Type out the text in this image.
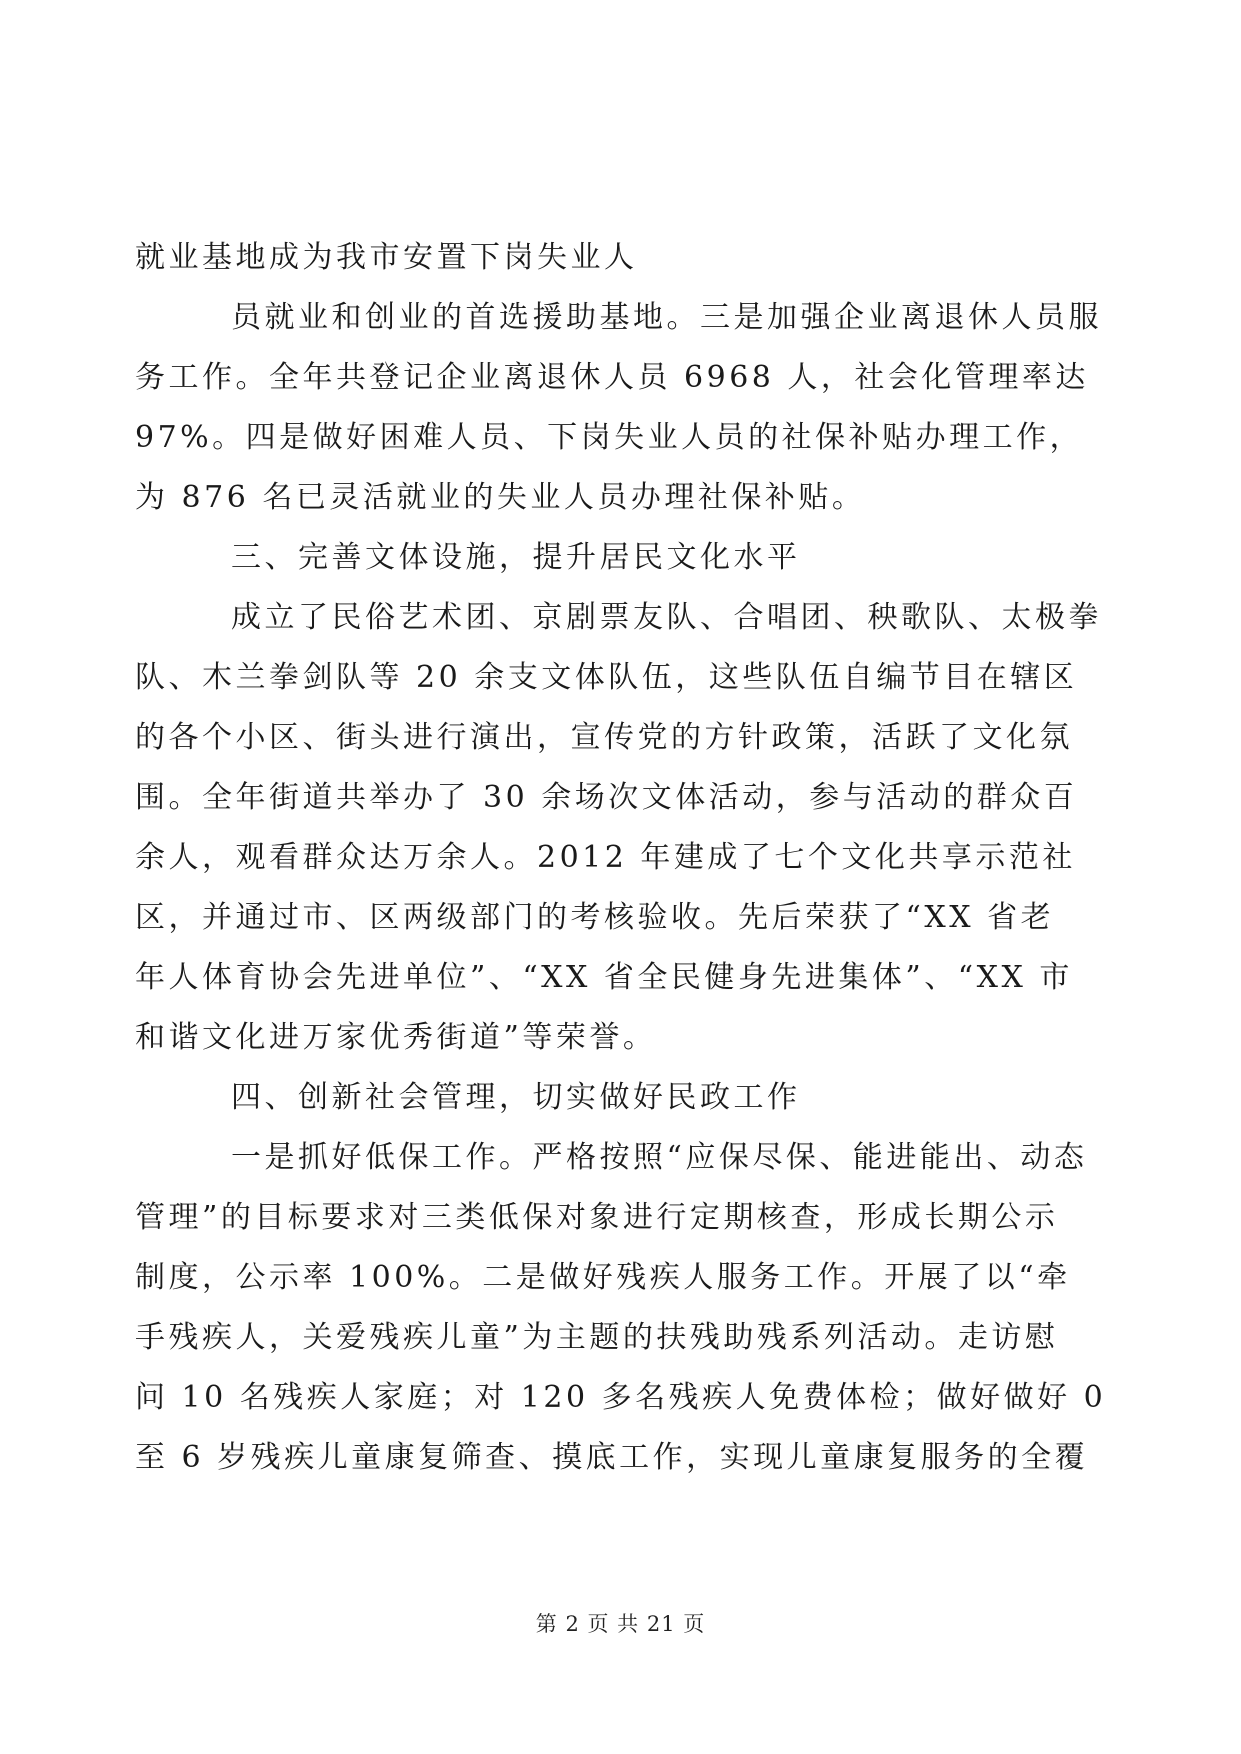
就业基地成为我市安置下岗失业人
员就业和创业的首选援助基地。三是加强企业离退休人员服
务工作。全年共登记企业离退休人员 6968 人，社会化管理率达
97%。四是做好困难人员、下岗失业人员的社保补贴办理工作，
为 876 名已灵活就业的失业人员办理社保补贴。
三、完善文体设施，提升居民文化水平
成立了民俗艺术团、京剧票友队、合唱团、秧歌队、太极拳
队、木兰拳剑队等 20 余支文体队伍，这些队伍自编节目在辖区
的各个小区、街头进行演出，宣传党的方针政策，活跃了文化氛
围。全年街道共举办了 30 余场次文体活动，参与活动的群众百
余人，观看群众达万余人。2012 年建成了七个文化共享示范社
区，并通过市、区两级部门的考核验收。先后荣获了“XX 省老
年人体育协会先进单位”、“XX 省全民健身先进集体”、“XX 市
和谐文化进万家优秀街道”等荣誉。
四、创新社会管理，切实做好民政工作
一是抓好低保工作。严格按照“应保尽保、能进能出、动态
管理”的目标要求对三类低保对象进行定期核查，形成长期公示
制度，公示率 100%。二是做好残疾人服务工作。开展了以“牵
手残疾人，关爱残疾儿童”为主题的扶残助残系列活动。走访慰
问 10 名残疾人家庭；对 120 多名残疾人免费体检；做好做好 0
至 6 岁残疾儿童康复筛查、摸底工作，实现儿童康复服务的全覆
第 2 页 共 21 页
